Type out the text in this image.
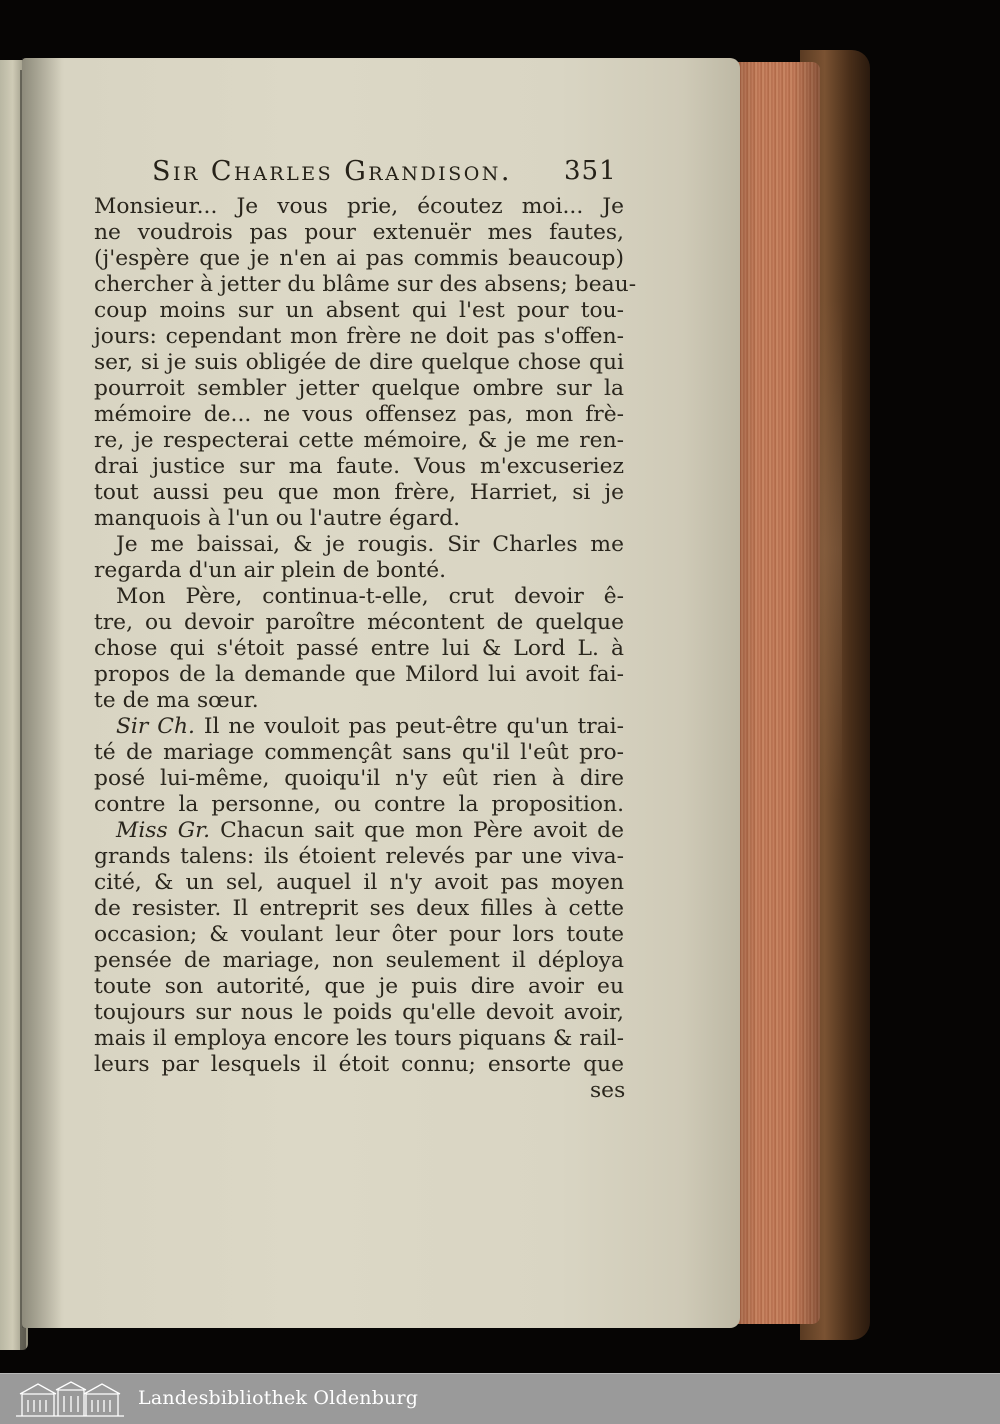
Sir Charles Grandison. 351
Monsieur... Je vous prie, écoutez moi... Je
ne voudrois pas pour extenuër mes fautes,
(j'espère que je n'en ai pas commis beaucoup)
chercher à jetter du blâme sur des absens; beau-
coup moins sur un absent qui l'est pour tou-
jours: cependant mon frère ne doit pas s'offen-
ser, si je suis obligée de dire quelque chose qui
pourroit sembler jetter quelque ombre sur la
mémoire de... ne vous offensez pas, mon frè-
re, je respecterai cette mémoire, & je me ren-
drai justice sur ma faute. Vous m'excuseriez
tout aussi peu que mon frère, Harriet, si je
manquois à l'un ou l'autre égard.
Je me baissai, & je rougis. Sir Charles me
regarda d'un air plein de bonté.
Mon Père, continua-t-elle, crut devoir ê-
tre, ou devoir paroître mécontent de quelque
chose qui s'étoit passé entre lui & Lord L. à
propos de la demande que Milord lui avoit fai-
te de ma sœur.
Sir Ch. Il ne vouloit pas peut-être qu'un trai-
té de mariage commençât sans qu'il l'eût pro-
posé lui-même, quoiqu'il n'y eût rien à dire
contre la personne, ou contre la proposition.
Miss Gr. Chacun sait que mon Père avoit de
grands talens: ils étoient relevés par une viva-
cité, & un sel, auquel il n'y avoit pas moyen
de resister. Il entreprit ses deux filles à cette
occasion; & voulant leur ôter pour lors toute
pensée de mariage, non seulement il déploya
toute son autorité, que je puis dire avoir eu
toujours sur nous le poids qu'elle devoit avoir,
mais il employa encore les tours piquans & rail-
leurs par lesquels il étoit connu; ensorte que
ses
Landesbibliothek Oldenburg
